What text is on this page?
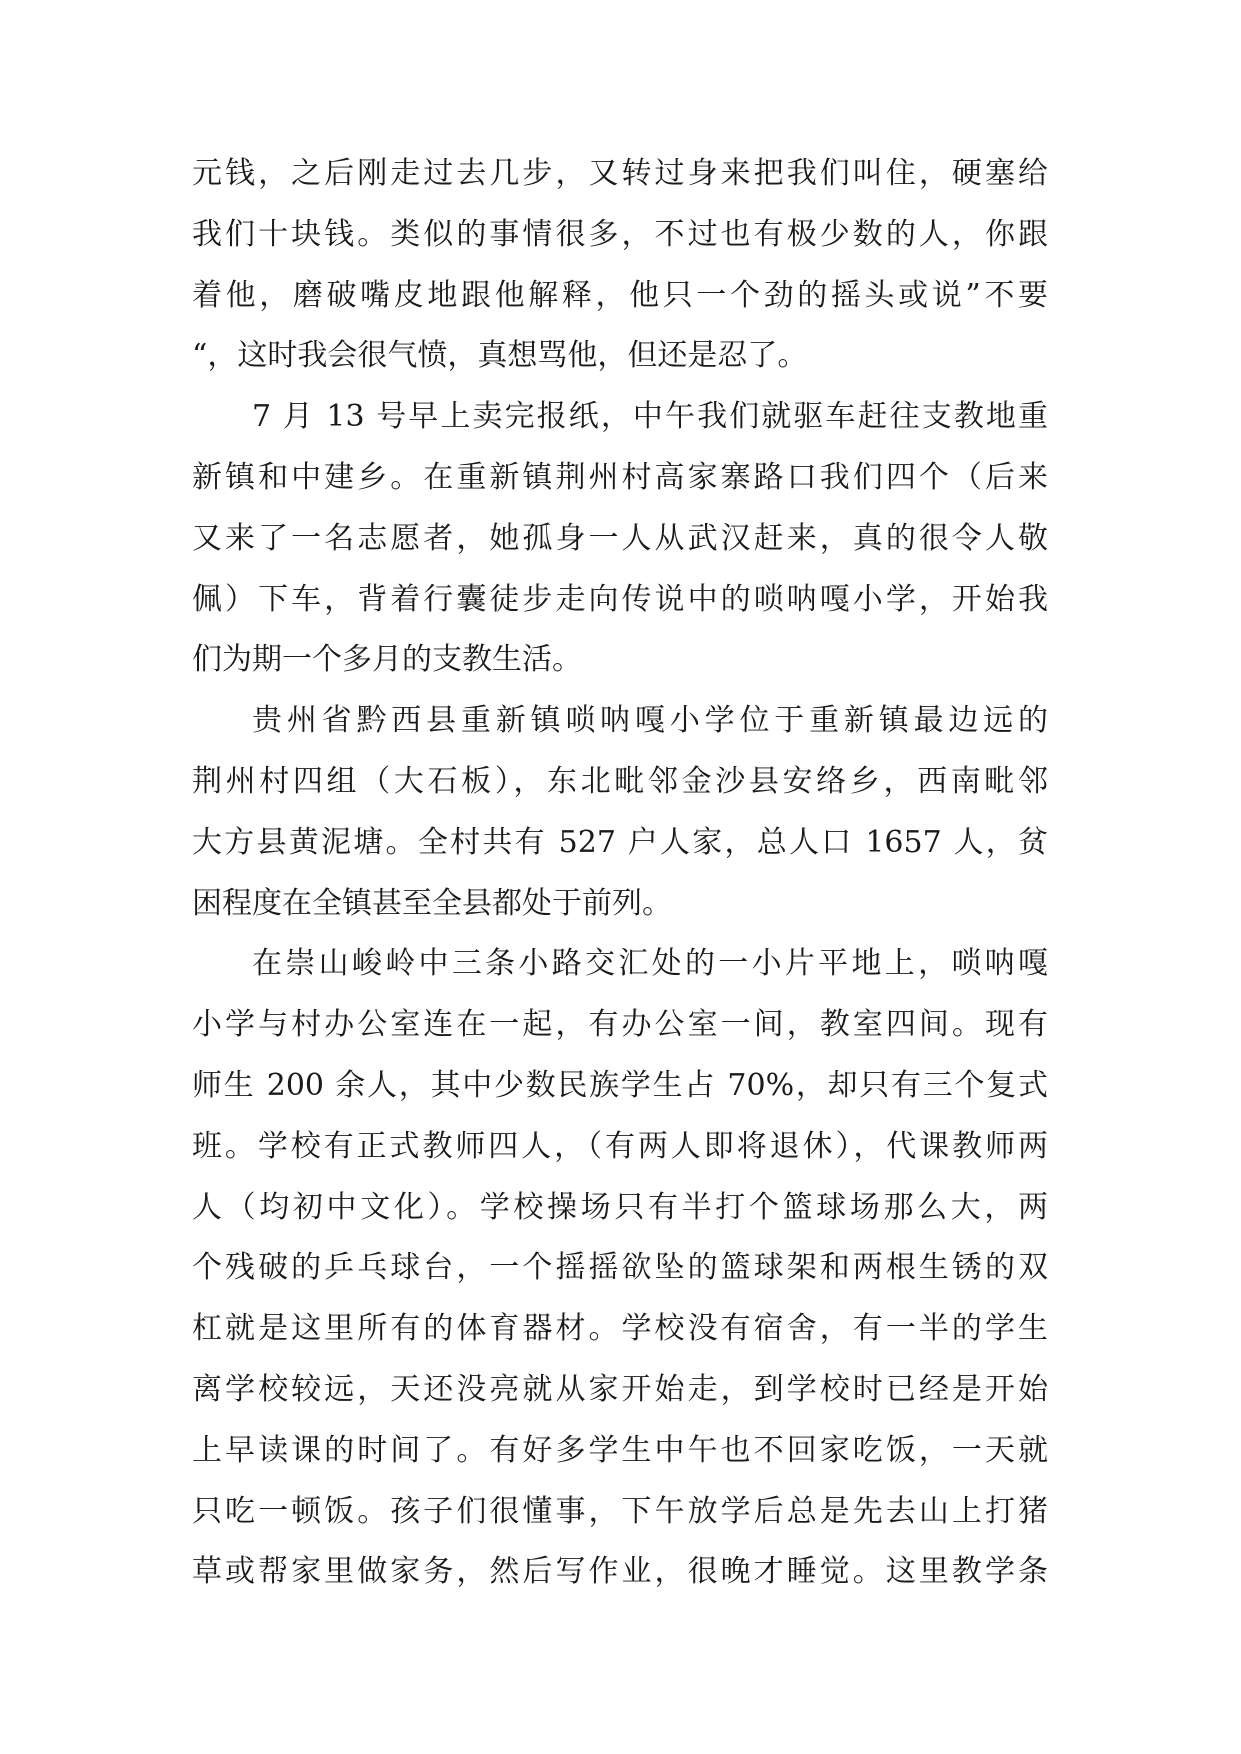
元钱，之后刚走过去几步，又转过身来把我们叫住，硬塞给
我们十块钱。类似的事情很多，不过也有极少数的人，你跟
着他，磨破嘴皮地跟他解释，他只一个劲的摇头或说”不要
“，这时我会很气愤，真想骂他，但还是忍了。
7 月 13 号早上卖完报纸，中午我们就驱车赶往支教地重
新镇和中建乡。在重新镇荆州村高家寨路口我们四个（后来
又来了一名志愿者，她孤身一人从武汉赶来，真的很令人敬
佩）下车，背着行囊徒步走向传说中的唢呐嘎小学，开始我
们为期一个多月的支教生活。
贵州省黔西县重新镇唢呐嘎小学位于重新镇最边远的
荆州村四组（大石板），东北毗邻金沙县安络乡，西南毗邻
大方县黄泥塘。全村共有 527 户人家，总人口 1657 人，贫
困程度在全镇甚至全县都处于前列。
在崇山峻岭中三条小路交汇处的一小片平地上，唢呐嘎
小学与村办公室连在一起，有办公室一间，教室四间。现有
师生 200 余人，其中少数民族学生占 70%，却只有三个复式
班。学校有正式教师四人，（有两人即将退休），代课教师两
人（均初中文化）。学校操场只有半打个篮球场那么大，两
个残破的乒乓球台，一个摇摇欲坠的篮球架和两根生锈的双
杠就是这里所有的体育器材。学校没有宿舍，有一半的学生
离学校较远，天还没亮就从家开始走，到学校时已经是开始
上早读课的时间了。有好多学生中午也不回家吃饭，一天就
只吃一顿饭。孩子们很懂事，下午放学后总是先去山上打猪
草或帮家里做家务，然后写作业，很晚才睡觉。这里教学条
